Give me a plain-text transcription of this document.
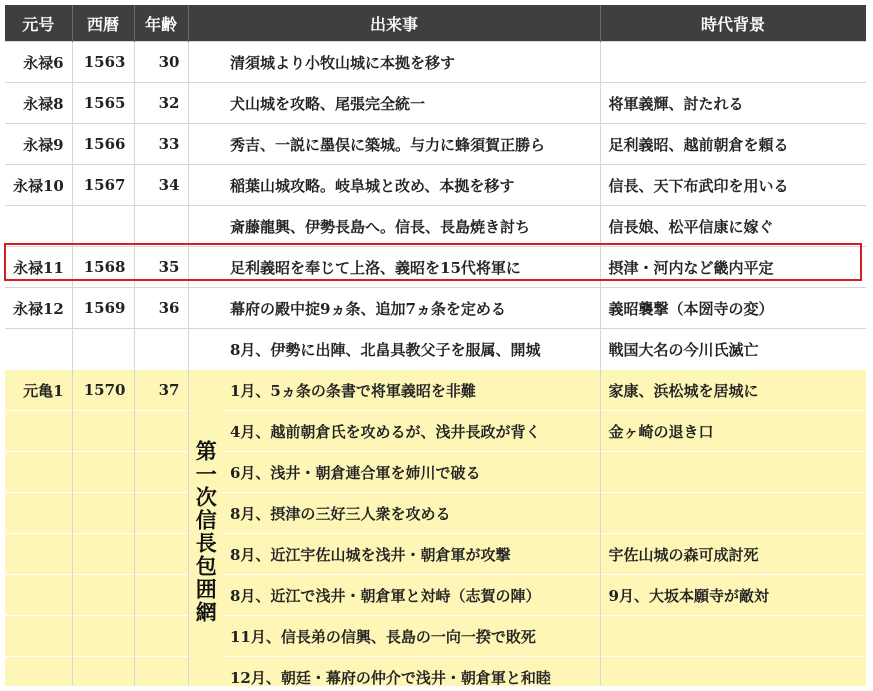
元号	西暦	年齢	出来事		時代背景
永禄6	1563	30		清須城より小牧山城に本拠を移す	
永禄8	1565	32		犬山城を攻略、尾張完全統一	将軍義輝、討たれる
永禄9	1566	33		秀吉、一説に墨俣に築城。与力に蜂須賀正勝ら	足利義昭、越前朝倉を頼る
永禄10	1567	34		稲葉山城攻略。岐阜城と改め、本拠を移す	信長、天下布武印を用いる
				斎藤龍興、伊勢長島へ。信長、長島焼き討ち	信長娘、松平信康に嫁ぐ
永禄11	1568	35		足利義昭を奉じて上洛、義昭を15代将軍に	摂津・河内など畿内平定
永禄12	1569	36		幕府の殿中掟9ヵ条、追加7ヵ条を定める	義昭襲撃（本圀寺の変）
				8月、伊勢に出陣、北畠具教父子を服属、開城	戦国大名の今川氏滅亡
元亀1	1570	37	第一次信長包囲網	1月、5ヵ条の条書で将軍義昭を非難	家康、浜松城を居城に
				4月、越前朝倉氏を攻めるが、浅井長政が背く	金ヶ崎の退き口
				6月、浅井・朝倉連合軍を姉川で破る	
				8月、摂津の三好三人衆を攻める	
				8月、近江宇佐山城を浅井・朝倉軍が攻撃	宇佐山城の森可成討死
				8月、近江で浅井・朝倉軍と対峙（志賀の陣）	9月、大坂本願寺が敵対
				11月、信長弟の信興、長島の一向一揆で敗死	
				12月、朝廷・幕府の仲介で浅井・朝倉軍と和睦	
